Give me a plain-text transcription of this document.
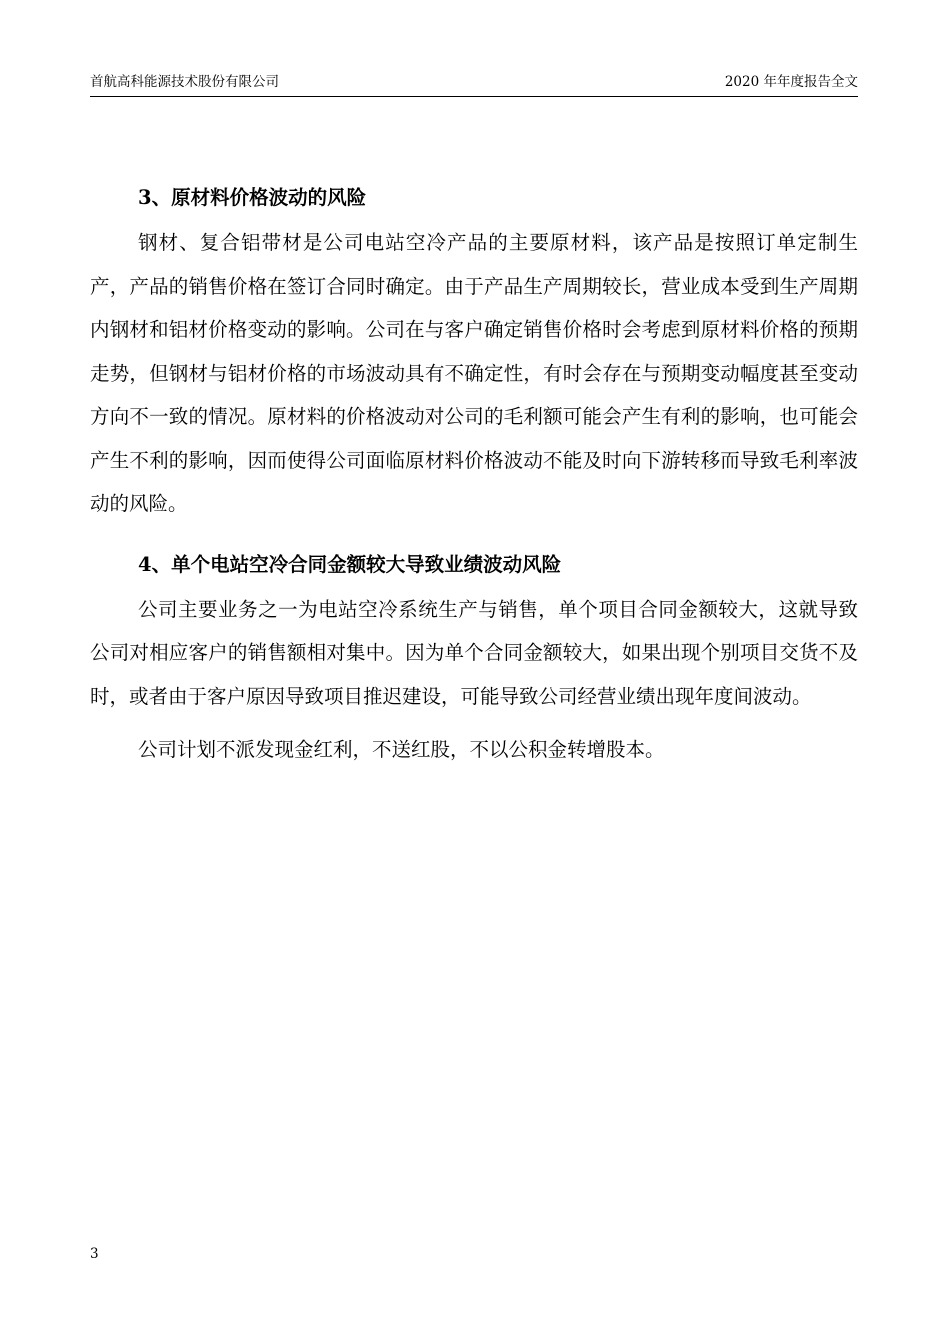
首航高科能源技术股份有限公司	2020 年年度报告全文

3、原材料价格波动的风险

钢材、复合铝带材是公司电站空冷产品的主要原材料，该产品是按照订单定制生产，产品的销售价格在签订合同时确定。由于产品生产周期较长，营业成本受到生产周期内钢材和铝材价格变动的影响。公司在与客户确定销售价格时会考虑到原材料价格的预期走势，但钢材与铝材价格的市场波动具有不确定性，有时会存在与预期变动幅度甚至变动方向不一致的情况。原材料的价格波动对公司的毛利额可能会产生有利的影响，也可能会产生不利的影响，因而使得公司面临原材料价格波动不能及时向下游转移而导致毛利率波动的风险。

4、单个电站空冷合同金额较大导致业绩波动风险

公司主要业务之一为电站空冷系统生产与销售，单个项目合同金额较大，这就导致公司对相应客户的销售额相对集中。因为单个合同金额较大，如果出现个别项目交货不及时，或者由于客户原因导致项目推迟建设，可能导致公司经营业绩出现年度间波动。

公司计划不派发现金红利，不送红股，不以公积金转增股本。

3
